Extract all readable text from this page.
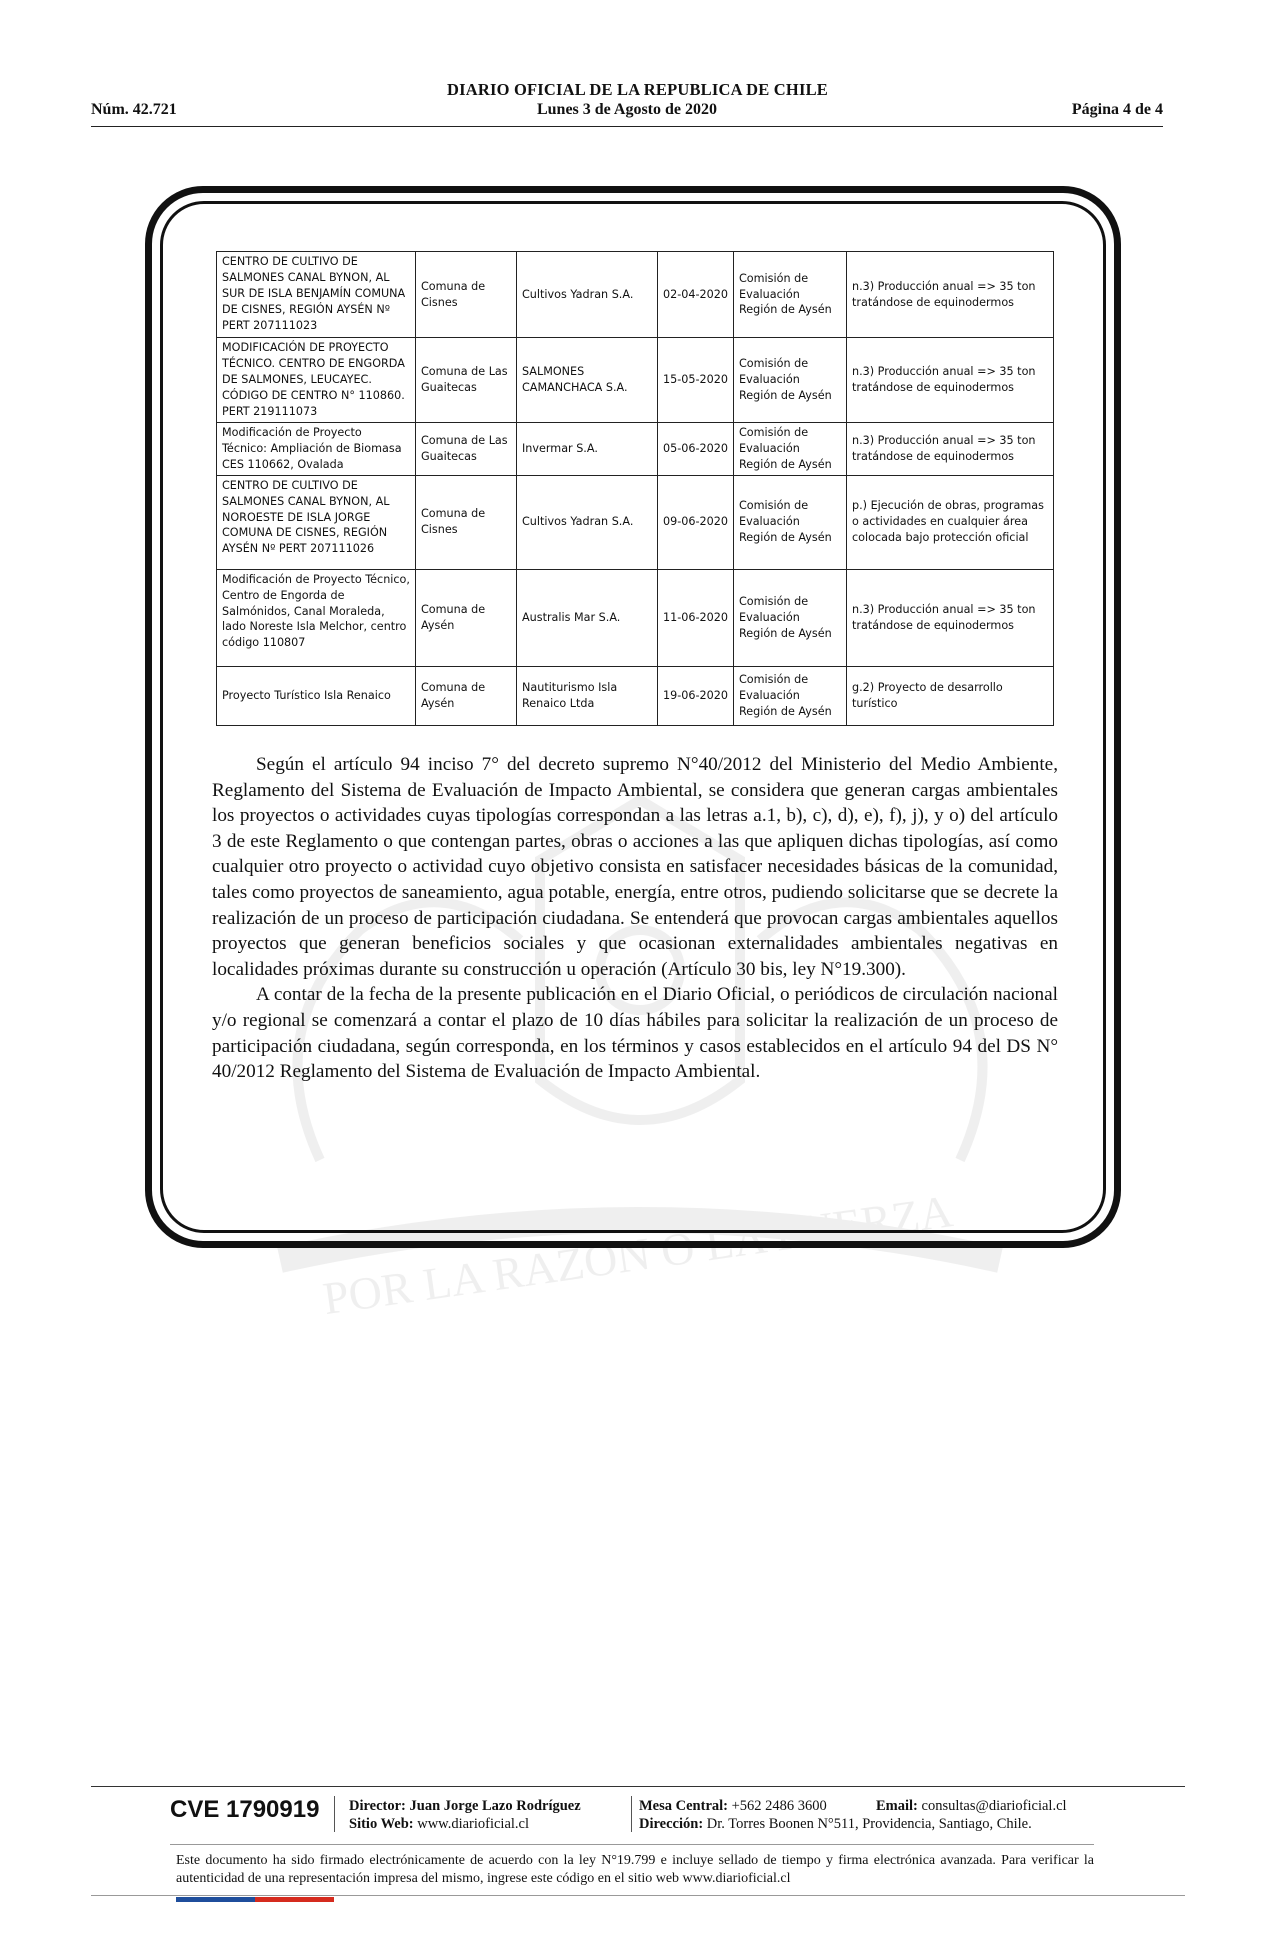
DIARIO OFICIAL DE LA REPUBLICA DE CHILE
Núm. 42.721	Lunes 3 de Agosto de 2020	Página 4 de 4
POR LA RAZON O LA FUERZA
CENTRO DE CULTIVO DE SALMONES CANAL BYNON, AL SUR DE ISLA BENJAMÍN COMUNA DE CISNES, REGIÓN AYSÉN Nº PERT 207111023	Comuna de Cisnes	Cultivos Yadran S.A.	02-04-2020	Comisión de Evaluación Región de Aysén	n.3) Producción anual => 35 ton tratándose de equinodermos
MODIFICACIÓN DE PROYECTO TÉCNICO. CENTRO DE ENGORDA DE SALMONES, LEUCAYEC. CÓDIGO DE CENTRO N° 110860. PERT 219111073	Comuna de Las Guaitecas	SALMONES CAMANCHACA S.A.	15-05-2020	Comisión de Evaluación Región de Aysén	n.3) Producción anual => 35 ton tratándose de equinodermos
Modificación de Proyecto Técnico: Ampliación de Biomasa CES 110662, Ovalada	Comuna de Las Guaitecas	Invermar S.A.	05-06-2020	Comisión de Evaluación Región de Aysén	n.3) Producción anual => 35 ton tratándose de equinodermos
CENTRO DE CULTIVO DE SALMONES CANAL BYNON, AL NOROESTE DE ISLA JORGE COMUNA DE CISNES, REGIÓN AYSÉN Nº PERT 207111026	Comuna de Cisnes	Cultivos Yadran S.A.	09-06-2020	Comisión de Evaluación Región de Aysén	p.) Ejecución de obras, programas o actividades en cualquier área colocada bajo protección oficial
Modificación de Proyecto Técnico, Centro de Engorda de Salmónidos, Canal Moraleda, lado Noreste Isla Melchor, centro código 110807	Comuna de Aysén	Australis Mar S.A.	11-06-2020	Comisión de Evaluación Región de Aysén	n.3) Producción anual => 35 ton tratándose de equinodermos
Proyecto Turístico Isla Renaico	Comuna de Aysén	Nautiturismo Isla Renaico Ltda	19-06-2020	Comisión de Evaluación Región de Aysén	g.2) Proyecto de desarrollo turístico

Según el artículo 94 inciso 7° del decreto supremo N°40/2012 del Ministerio del Medio Ambiente, Reglamento del Sistema de Evaluación de Impacto Ambiental, se considera que generan cargas ambientales los proyectos o actividades cuyas tipologías correspondan a las letras a.1, b), c), d), e), f), j), y o) del artículo 3 de este Reglamento o que contengan partes, obras o acciones a las que apliquen dichas tipologías, así como cualquier otro proyecto o actividad cuyo objetivo consista en satisfacer necesidades básicas de la comunidad, tales como proyectos de saneamiento, agua potable, energía, entre otros, pudiendo solicitarse que se decrete la realización de un proceso de participación ciudadana. Se entenderá que provocan cargas ambientales aquellos proyectos que generan beneficios sociales y que ocasionan externalidades ambientales negativas en localidades próximas durante su construcción u operación (Artículo 30 bis, ley N°19.300).

A contar de la fecha de la presente publicación en el Diario Oficial, o periódicos de circulación nacional y/o regional se comenzará a contar el plazo de 10 días hábiles para solicitar la realización de un proceso de participación ciudadana, según corresponda, en los términos y casos establecidos en el artículo 94 del DS N° 40/2012 Reglamento del Sistema de Evaluación de Impacto Ambiental.

CVE 1790919 Director: Juan Jorge Lazo Rodríguez
Sitio Web: www.diarioficial.cl
Mesa Central: +562 2486 3600	Email: consultas@diarioficial.cl
Dirección: Dr. Torres Boonen N°511, Providencia, Santiago, Chile.
Este documento ha sido firmado electrónicamente de acuerdo con la ley N°19.799 e incluye sellado de tiempo y firma electrónica avanzada. Para verificar la autenticidad de una representación impresa del mismo, ingrese este código en el sitio web www.diarioficial.cl
